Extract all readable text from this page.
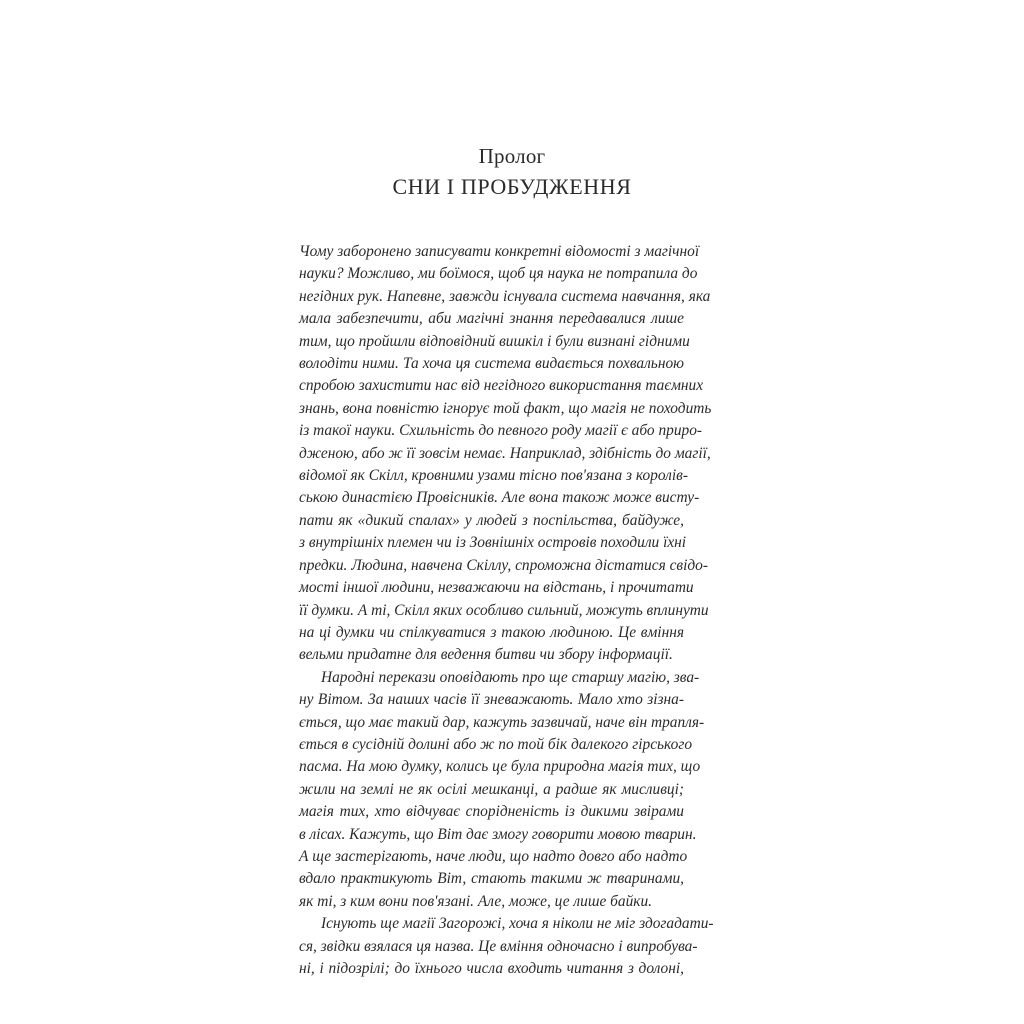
Пролог
СНИ І ПРОБУДЖЕННЯ
Чому заборонено записувати конкретні відомості з магічної
науки? Можливо, ми боїмося, щоб ця наука не потрапила до
негідних рук. Напевне, завжди існувала система навчання, яка
мала забезпечити, аби магічні знання передавалися лише
тим, що пройшли відповідний вишкіл і були визнані гідними
володіти ними. Та хоча ця система видається похвальною
спробою захистити нас від негідного використання таємних
знань, вона повністю ігнорує той факт, що магія не походить
із такої науки. Схильність до певного роду магії є або приро-
дженою, або ж її зовсім немає. Наприклад, здібність до магії,
відомої як Скілл, кровними узами тісно пов'язана з королів-
ською династією Провісників. Але вона також може висту-
пати як «дикий спалах» у людей з поспільства, байдуже,
з внутрішніх племен чи із Зовнішніх островів походили їхні
предки. Людина, навчена Скіллу, спроможна дістатися свідо-
мості іншої людини, незважаючи на відстань, і прочитати
її думки. А ті, Скілл яких особливо сильний, можуть вплинути
на ці думки чи спілкуватися з такою людиною. Це вміння
вельми придатне для ведення битви чи збору інформації.
Народні перекази оповідають про ще старшу магію, зва-
ну Вітом. За наших часів її зневажають. Мало хто зізна-
ється, що має такий дар, кажуть зазвичай, наче він трапля-
ється в сусідній долині або ж по той бік далекого гірського
пасма. На мою думку, колись це була природна магія тих, що
жили на землі не як осілі мешканці, а радше як мисливці;
магія тих, хто відчуває спорідненість із дикими звірами
в лісах. Кажуть, що Віт дає змогу говорити мовою тварин.
А ще застерігають, наче люди, що надто довго або надто
вдало практикують Віт, стають такими ж тваринами,
як ті, з ким вони пов'язані. Але, може, це лише байки.
Існують ще магії Загорожі, хоча я ніколи не міг здогадати-
ся, звідки взялася ця назва. Це вміння одночасно і випробува-
ні, і підозрілі; до їхнього числа входить читання з долоні,
